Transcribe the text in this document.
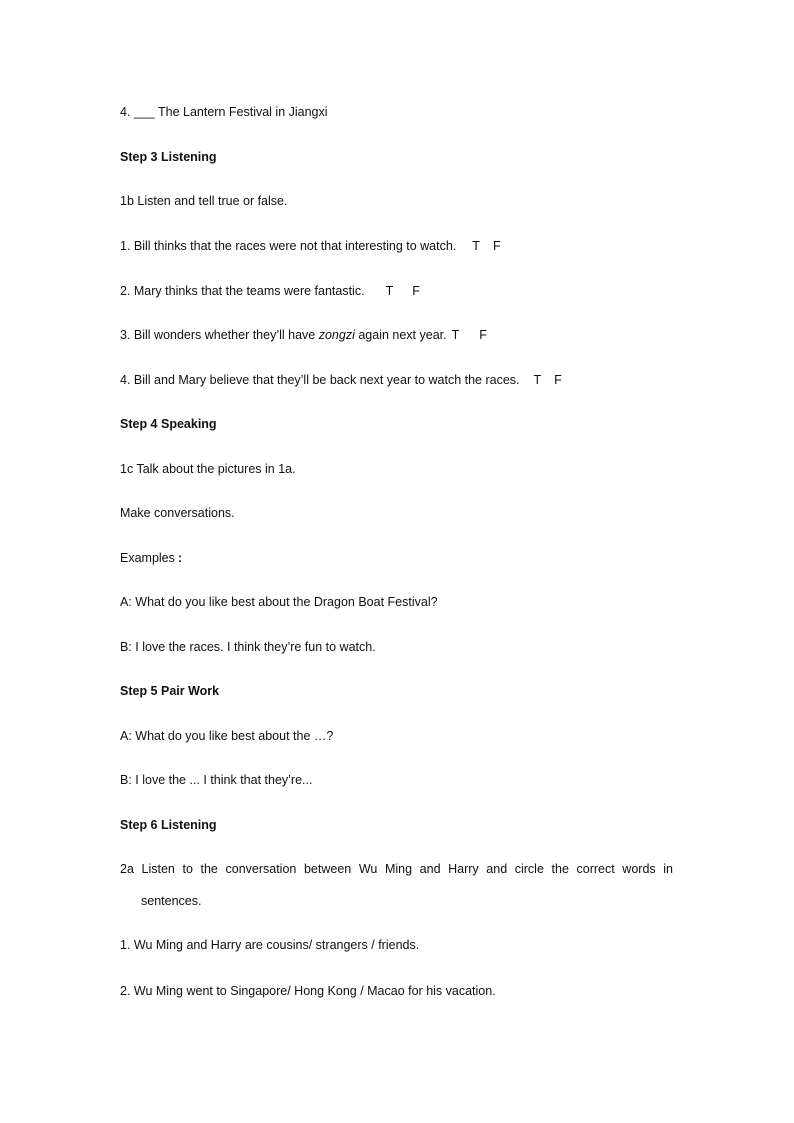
4. ___ The Lantern Festival in Jiangxi
Step 3 Listening
1b Listen and tell true or false.
1. Bill thinks that the races were not that interesting to watch. T F
2. Mary thinks that the teams were fantastic. T F
3. Bill wonders whether they’ll have zongzi again next year. T F
4. Bill and Mary believe that they’ll be back next year to watch the races. T F
Step 4 Speaking
1c Talk about the pictures in 1a.
Make conversations.
Examples :
A: What do you like best about the Dragon Boat Festival?
B: I love the races. I think they’re fun to watch.
Step 5 Pair Work
A: What do you like best about the …?
B: I love the ... I think that they’re...
Step 6 Listening
2a Listen to the conversation between Wu Ming and Harry and circle the correct words in
sentences.
1. Wu Ming and Harry are cousins/ strangers / friends.
2. Wu Ming went to Singapore/ Hong Kong / Macao for his vacation.
